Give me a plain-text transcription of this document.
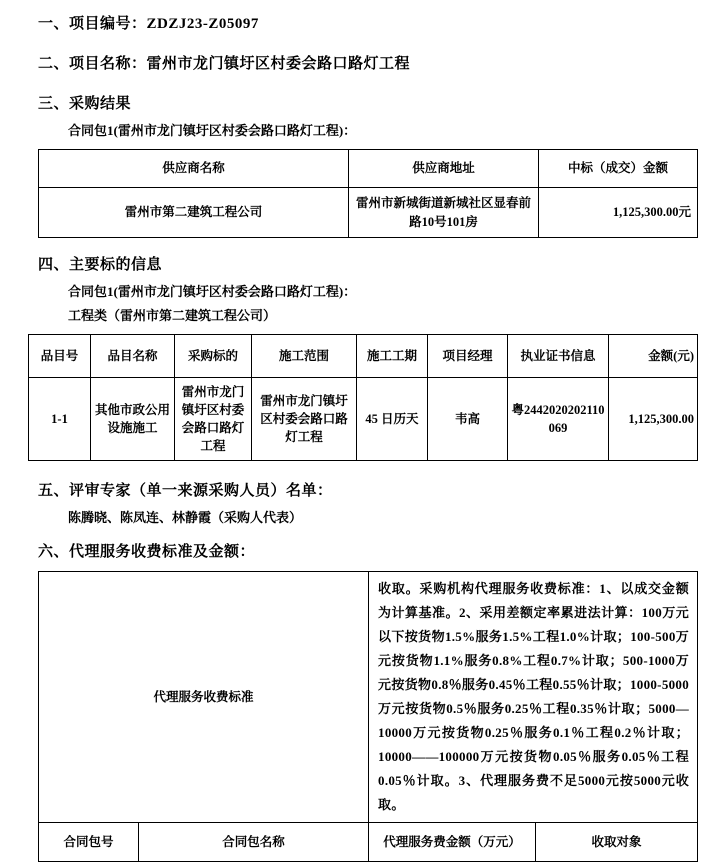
一、项目编号：ZDZJ23-Z05097
二、项目名称：雷州市龙门镇圩区村委会路口路灯工程
三、采购结果
合同包1(雷州市龙门镇圩区村委会路口路灯工程)：
供应商名称	供应商地址	中标（成交）金额
雷州市第二建筑工程公司	雷州市新城街道新城社区显春前路10号101房	1,125,300.00元
四、主要标的信息
合同包1(雷州市龙门镇圩区村委会路口路灯工程)：
工程类（雷州市第二建筑工程公司）
品目号	品目名称	采购标的	施工范围	施工工期	项目经理	执业证书信息	金额(元)
1-1	其他市政公用设施施工	雷州市龙门镇圩区村委会路口路灯工程	雷州市龙门镇圩区村委会路口路灯工程	45 日历天	韦高	粤2442020202110069	1,125,300.00
五、评审专家（单一来源采购人员）名单：
陈腾晓、陈凤连、林静霞（采购人代表）
六、代理服务收费标准及金额：
代理服务收费标准		收取。采购机构代理服务收费标准：1、以成交金额为计算基准。2、采用差额定率累进法计算：100万元以下按货物1.5%服务1.5%工程1.0%计取；100-500万元按货物1.1%服务0.8%工程0.7%计取；500-1000万元按货物0.8％服务0.45％工程0.55％计取；1000-5000万元按货物0.5％服务0.25％工程0.35％计取；5000—10000万元按货物0.25％服务0.1％工程0.2％计取；10000——100000万元按货物0.05％服务0.05％工程0.05％计取。3、代理服务费不足5000元按5000元收取。	
合同包号	合同包名称	代理服务费金额（万元）	收取对象
